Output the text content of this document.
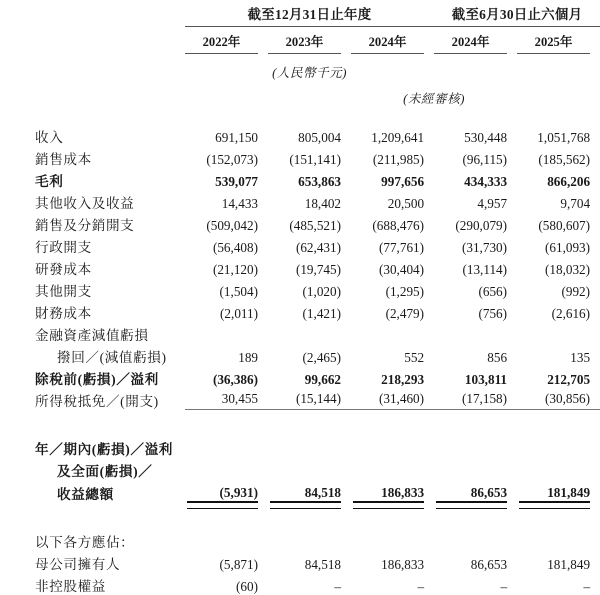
	截至12月31日止年度			截至6月30日止六個月	

	2022年	2023年	2024年	2024年	2025年

	(人民幣千元)				
			(未經審核)		

收入	691,150	805,004	1,209,641	530,448	1,051,768
銷售成本	(152,073)	(151,141)	(211,985)	(96,115)	(185,562)
毛利	539,077	653,863	997,656	434,333	866,206
其他收入及收益	14,433	18,402	20,500	4,957	9,704
銷售及分銷開支	(509,042)	(485,521)	(688,476)	(290,079)	(580,607)
行政開支	(56,408)	(62,431)	(77,761)	(31,730)	(61,093)
研發成本	(21,120)	(19,745)	(30,404)	(13,114)	(18,032)
其他開支	(1,504)	(1,020)	(1,295)	(656)	(992)
財務成本	(2,011)	(1,421)	(2,479)	(756)	(2,616)
金融資產減值虧損					
撥回／(減值虧損)	189	(2,465)	552	856	135
除稅前(虧損)／溢利	(36,386)	99,662	218,293	103,811	212,705
所得稅抵免／(開支)	30,455	(15,144)	(31,460)	(17,158)	(30,856)

年／期內(虧損)／溢利					
及全面(虧損)／					
收益總額	(5,931)	84,518	186,833	86,653	181,849

以下各方應佔：					
母公司擁有人	(5,871)	84,518	186,833	86,653	181,849
非控股權益	(60)	–	–	–	–
